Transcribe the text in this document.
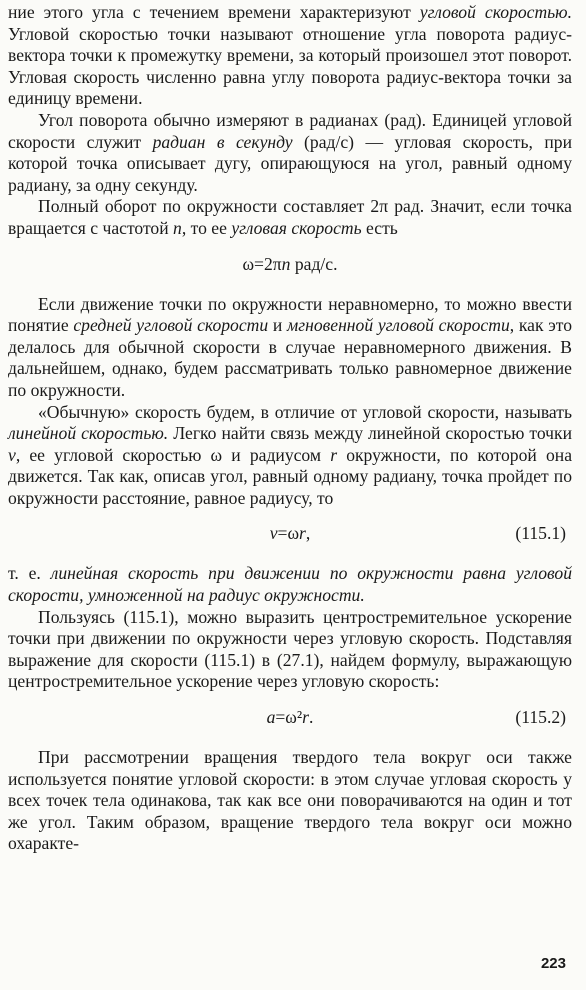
ние этого угла с течением времени характеризуют угловой скоростью. Угловой скоростью точки называют отношение угла поворота радиус-вектора точки к промежутку времени, за который произошел этот поворот. Угловая скорость численно равна углу поворота радиус-вектора точки за единицу времени.

Угол поворота обычно измеряют в радианах (рад). Единицей угловой скорости служит радиан в секунду (рад/с) — угловая скорость, при которой точка описывает дугу, опирающуюся на угол, равный одному радиану, за одну секунду.

Полный оборот по окружности составляет 2π рад. Значит, если точка вращается с частотой n, то ее угловая скорость есть

ω=2πn рад/с.

Если движение точки по окружности неравномерно, то можно ввести понятие средней угловой скорости и мгновенной угловой скорости, как это делалось для обычной скорости в случае неравномерного движения. В дальнейшем, однако, будем рассматривать только равномерное движение по окружности.

«Обычную» скорость будем, в отличие от угловой скорости, называть линейной скоростью. Легко найти связь между линейной скоростью точки v, ее угловой скоростью ω и радиусом r окружности, по которой она движется. Так как, описав угол, равный одному радиану, точка пройдет по окружности расстояние, равное радиусу, то

v=ωr,	(115.1)

т. е. линейная скорость при движении по окружности равна угловой скорости, умноженной на радиус окружности.

Пользуясь (115.1), можно выразить центростремительное ускорение точки при движении по окружности через угловую скорость. Подставляя выражение для скорости (115.1) в (27.1), найдем формулу, выражающую центростремительное ускорение через угловую скорость:

a=ω²r.	(115.2)

При рассмотрении вращения твердого тела вокруг оси также используется понятие угловой скорости: в этом случае угловая скорость у всех точек тела одинакова, так как все они поворачиваются на один и тот же угол. Таким образом, вращение твердого тела вокруг оси можно охаракте-

223
